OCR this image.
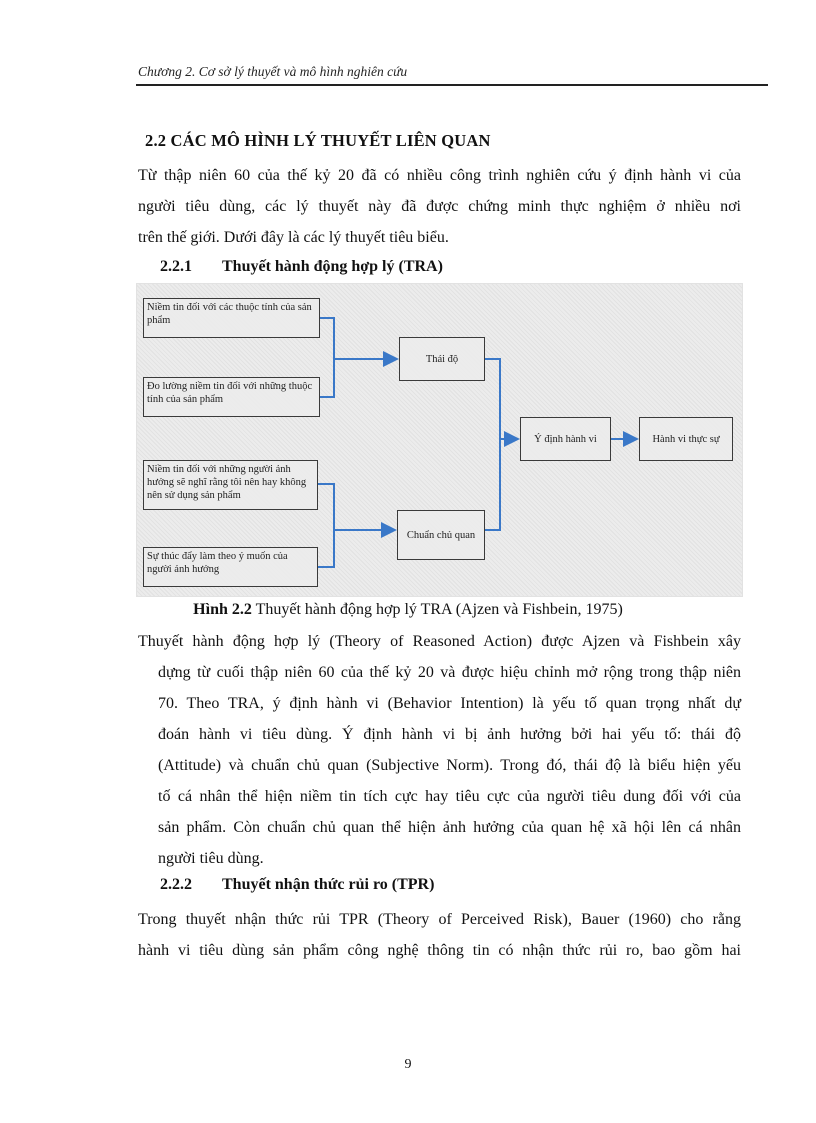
Chương 2. Cơ sở lý thuyết và mô hình nghiên cứu
2.2 CÁC MÔ HÌNH LÝ THUYẾT LIÊN QUAN
Từ thập niên 60 của thế kỷ 20 đã có nhiều công trình nghiên cứu ý định hành vi của
người tiêu dùng, các lý thuyết này đã được chứng minh thực nghiệm ở nhiều nơi
trên thế giới. Dưới đây là các lý thuyết tiêu biểu.
2.2.1 Thuyết hành động hợp lý (TRA)
Niềm tin đối với các thuộc tính của sản phẩm
Đo lường niềm tin đối với những thuộc tính của sản phẩm
Niềm tin đối với những người ảnh hưởng sẽ nghĩ rằng tôi nên hay không nên sử dụng sản phẩm
Sự thúc đẩy làm theo ý muốn của người ảnh hưởng
Thái độ
Chuẩn chủ quan
Ý định hành vi	Hành vi thực sự
Hình 2.2 Thuyết hành động hợp lý TRA (Ajzen và Fishbein, 1975)
Thuyết hành động hợp lý (Theory of Reasoned Action) được Ajzen và Fishbein xây
dựng từ cuối thập niên 60 của thế kỷ 20 và được hiệu chỉnh mở rộng trong thập niên
70. Theo TRA, ý định hành vi (Behavior Intention) là yếu tố quan trọng nhất dự
đoán hành vi tiêu dùng. Ý định hành vi bị ảnh hưởng bởi hai yếu tố: thái độ
(Attitude) và chuẩn chủ quan (Subjective Norm). Trong đó, thái độ là biểu hiện yếu
tố cá nhân thể hiện niềm tin tích cực hay tiêu cực của người tiêu dung đối với của
sản phẩm. Còn chuẩn chủ quan thể hiện ảnh hưởng của quan hệ xã hội lên cá nhân
người tiêu dùng.
2.2.2 Thuyết nhận thức rủi ro (TPR)
Trong thuyết nhận thức rủi TPR (Theory of Perceived Risk), Bauer (1960) cho rằng
hành vi tiêu dùng sản phẩm công nghệ thông tin có nhận thức rủi ro, bao gồm hai
9
